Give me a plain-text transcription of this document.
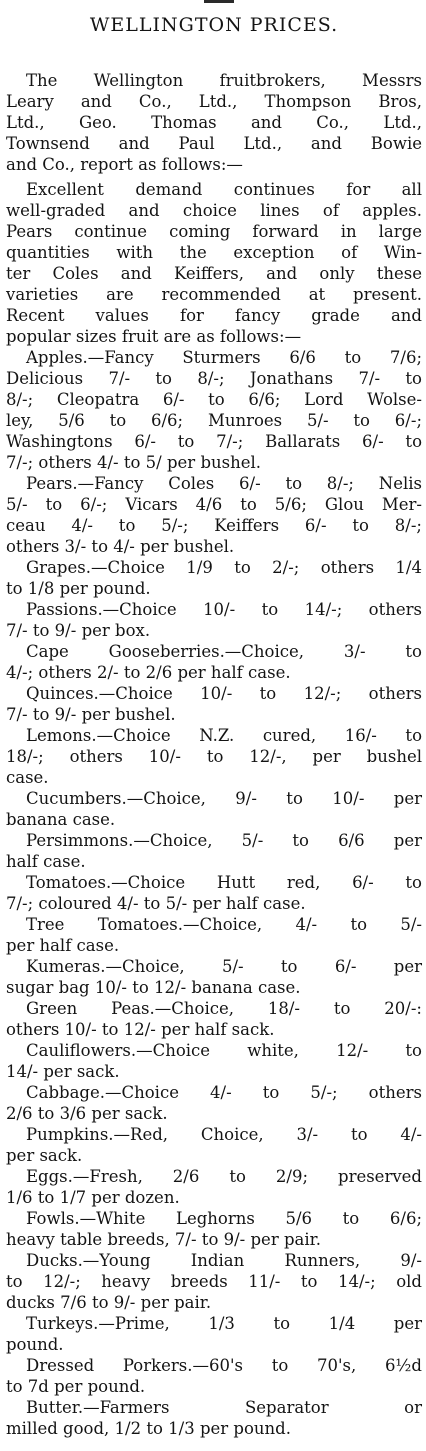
WELLINGTON PRICES.
The Wellington fruitbrokers, Messrs
Leary and Co., Ltd., Thompson Bros,
Ltd., Geo. Thomas and Co., Ltd.,
Townsend and Paul Ltd., and Bowie
and Co., report as follows:—
Excellent demand continues for all
well-graded and choice lines of apples.
Pears continue coming forward in large
quantities with the exception of Win-
ter Coles and Keiffers, and only these
varieties are recommended at present.
Recent values for fancy grade and
popular sizes fruit are as follows:—
Apples.—Fancy Sturmers 6/6 to 7/6;
Delicious 7/- to 8/-; Jonathans 7/- to
8/-; Cleopatra 6/- to 6/6; Lord Wolse-
ley, 5/6 to 6/6; Munroes 5/- to 6/-;
Washingtons 6/- to 7/-; Ballarats 6/- to
7/-; others 4/- to 5/ per bushel.
Pears.—Fancy Coles 6/- to 8/-; Nelis
5/- to 6/-; Vicars 4/6 to 5/6; Glou Mer-
ceau 4/- to 5/-; Keiffers 6/- to 8/-;
others 3/- to 4/- per bushel.
Grapes.—Choice 1/9 to 2/-; others 1/4
to 1/8 per pound.
Passions.—Choice 10/- to 14/-; others
7/- to 9/- per box.
Cape Gooseberries.—Choice, 3/- to
4/-; others 2/- to 2/6 per half case.
Quinces.—Choice 10/- to 12/-; others
7/- to 9/- per bushel.
Lemons.—Choice N.Z. cured, 16/- to
18/-; others 10/- to 12/-, per bushel
case.
Cucumbers.—Choice, 9/- to 10/- per
banana case.
Persimmons.—Choice, 5/- to 6/6 per
half case.
Tomatoes.—Choice Hutt red, 6/- to
7/-; coloured 4/- to 5/- per half case.
Tree Tomatoes.—Choice, 4/- to 5/-
per half case.
Kumeras.—Choice, 5/- to 6/- per
sugar bag 10/- to 12/- banana case.
Green Peas.—Choice, 18/- to 20/-:
others 10/- to 12/- per half sack.
Cauliflowers.—Choice white, 12/- to
14/- per sack.
Cabbage.—Choice 4/- to 5/-; others
2/6 to 3/6 per sack.
Pumpkins.—Red, Choice, 3/- to 4/-
per sack.
Eggs.—Fresh, 2/6 to 2/9; preserved
1/6 to 1/7 per dozen.
Fowls.—White Leghorns 5/6 to 6/6;
heavy table breeds, 7/- to 9/- per pair.
Ducks.—Young Indian Runners, 9/-
to 12/-; heavy breeds 11/- to 14/-; old
ducks 7/6 to 9/- per pair.
Turkeys.—Prime, 1/3 to 1/4 per
pound.
Dressed Porkers.—60's to 70's, 6½d
to 7d per pound.
Butter.—Farmers Separator or
milled good, 1/2 to 1/3 per pound.
